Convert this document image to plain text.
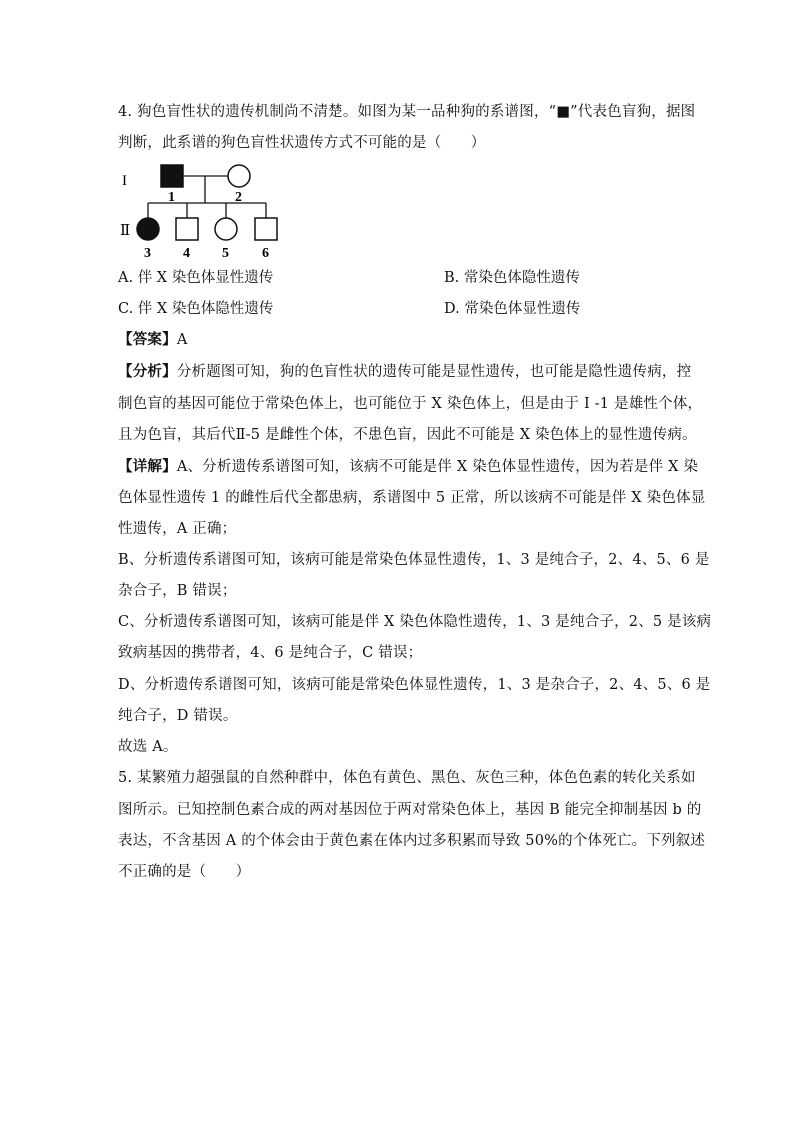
4. 狗色盲性状的遗传机制尚不清楚。如图为某一品种狗的系谱图，“■”代表色盲狗，据图
判断，此系谱的狗色盲性状遗传方式不可能的是（　　）
I
Ⅱ
1	2
3 4 5 6
A. 伴 X 染色体显性遗传	B. 常染色体隐性遗传
C. 伴 X 染色体隐性遗传	D. 常染色体显性遗传
【答案】A
【分析】分析题图可知，狗的色盲性状的遗传可能是显性遗传，也可能是隐性遗传病，控
制色盲的基因可能位于常染色体上，也可能位于 X 染色体上，但是由于 I -1 是雄性个体，
且为色盲，其后代Ⅱ-5 是雌性个体，不患色盲，因此不可能是 X 染色体上的显性遗传病。
【详解】A、分析遗传系谱图可知，该病不可能是伴 X 染色体显性遗传，因为若是伴 X 染
色体显性遗传 1 的雌性后代全都患病，系谱图中 5 正常，所以该病不可能是伴 X 染色体显
性遗传，A 正确；
B、分析遗传系谱图可知，该病可能是常染色体显性遗传，1、3 是纯合子，2、4、5、6 是
杂合子，B 错误；
C、分析遗传系谱图可知，该病可能是伴 X 染色体隐性遗传，1、3 是纯合子，2、5 是该病
致病基因的携带者，4、6 是纯合子，C 错误；
D、分析遗传系谱图可知，该病可能是常染色体显性遗传，1、3 是杂合子，2、4、5、6 是
纯合子，D 错误。
故选 A。
5. 某繁殖力超强鼠的自然种群中，体色有黄色、黑色、灰色三种，体色色素的转化关系如
图所示。已知控制色素合成的两对基因位于两对常染色体上，基因 B 能完全抑制基因 b 的
表达，不含基因 A 的个体会由于黄色素在体内过多积累而导致 50%的个体死亡。下列叙述
不正确的是（　　）
